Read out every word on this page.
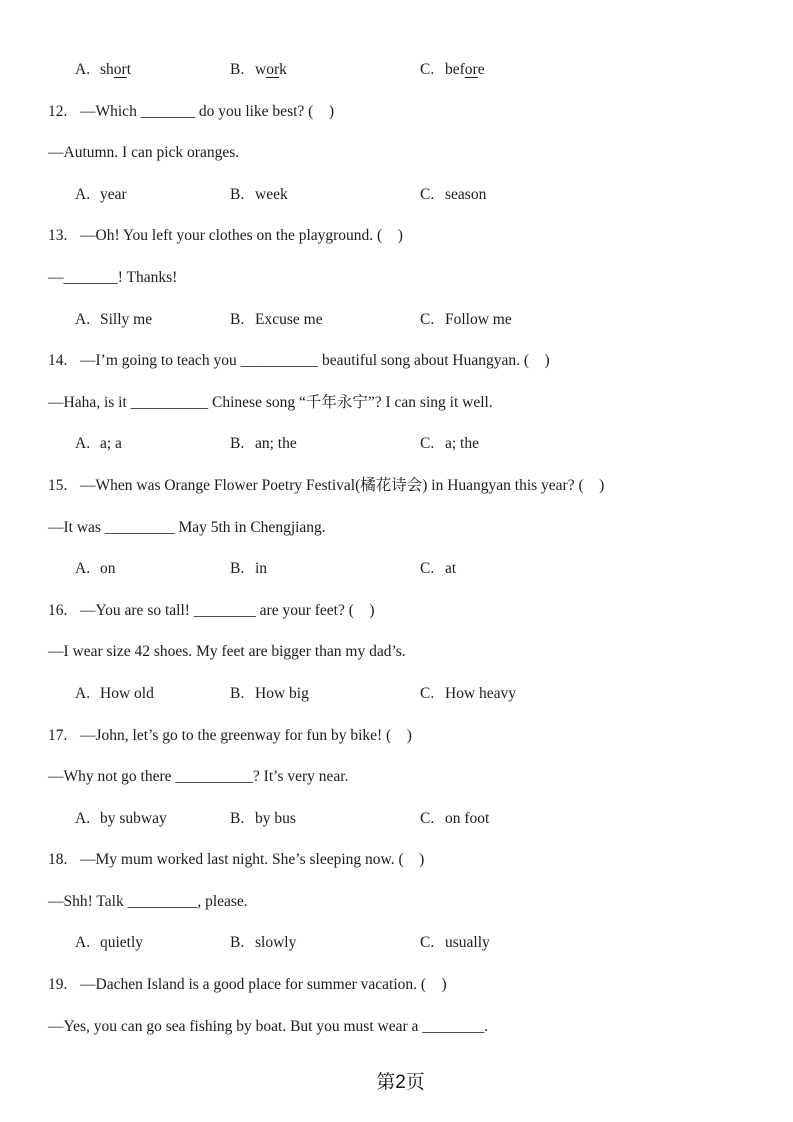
A. short	B. work	C. before
12. —Which _______ do you like best? (    )
—Autumn. I can pick oranges.
A. year	B. week	C. season
13. —Oh! You left your clothes on the playground. (    )
—_______! Thanks!
A. Silly me	B. Excuse me	C. Follow me
14. —I’m going to teach you __________ beautiful song about Huangyan. (    )
—Haha, is it __________ Chinese song “千年永宁”? I can sing it well.
A. a; a	B. an; the	C. a; the
15. —When was Orange Flower Poetry Festival(橘花诗会) in Huangyan this year? (    )
—It was _________ May 5th in Chengjiang.
A. on	B. in	C. at
16. —You are so tall! ________ are your feet? (    )
—I wear size 42 shoes. My feet are bigger than my dad’s.
A. How old	B. How big	C. How heavy
17. —John, let’s go to the greenway for fun by bike! (    )
—Why not go there __________? It’s very near.
A. by subway	B. by bus	C. on foot
18. —My mum worked last night. She’s sleeping now. (    )
—Shh! Talk _________, please.
A. quietly	B. slowly	C. usually
19. —Dachen Island is a good place for summer vacation. (    )
—Yes, you can go sea fishing by boat. But you must wear a ________.
第2页
